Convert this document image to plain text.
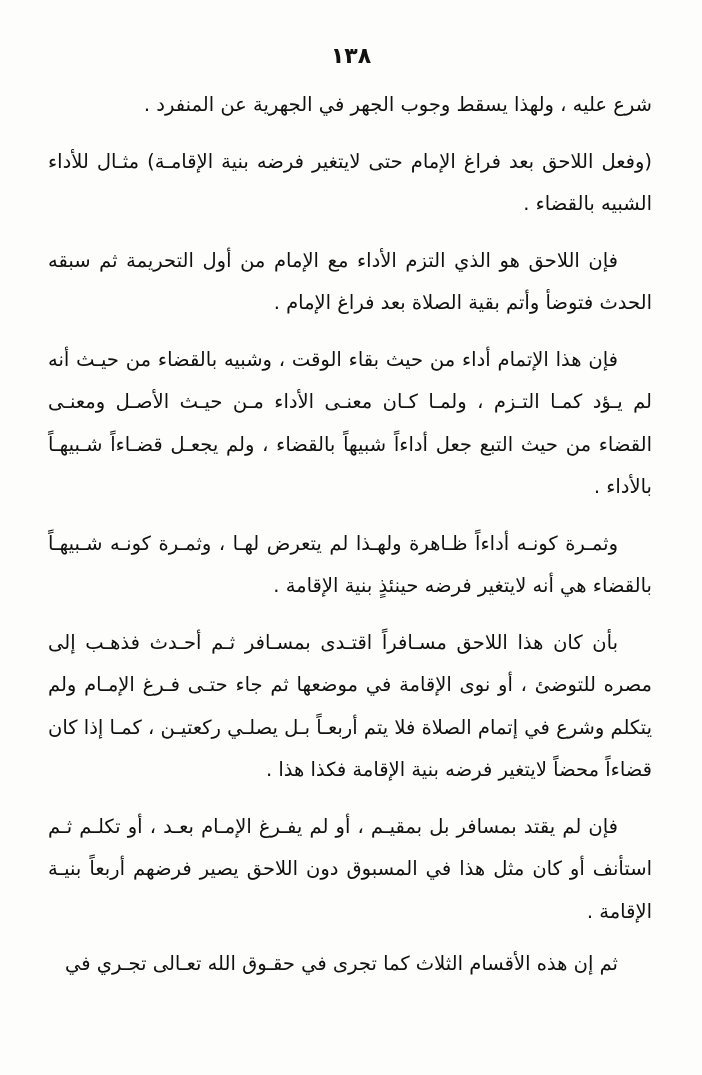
١٣٨

شرع عليه ، ولهذا يسقط وجوب الجهر في الجهرية عن المنفرد .

(وفعل اللاحق بعد فراغ الإمام حتى لايتغير فرضه بنية الإقامـة) مثـال للأداء الشبيه بالقضاء .

فإن اللاحق هو الذي التزم الأداء مع الإمام من أول التحريمة ثم سبقه الحدث فتوضأ وأتم بقية الصلاة بعد فراغ الإمام .

فإن هذا الإتمام أداء من حيث بقاء الوقت ، وشبيه بالقضاء من حيـث أنه لم يـؤد كمـا التـزم ، ولمـا كـان معنـى الأداء مـن حيـث الأصـل ومعنـى القضاء من حيث التبع جعل أداءاً شبيهاً بالقضاء ، ولم يجعـل قضـاءاً شـبيهـاً بالأداء .

وثمـرة كونـه أداءاً ظـاهرة ولهـذا لم يتعرض لهـا ، وثمـرة كونـه شـبيهـاً بالقضاء هي أنه لايتغير فرضه حينئذٍ بنية الإقامة .

بأن كان هذا اللاحق مسـافراً اقتـدى بمسـافر ثـم أحـدث فذهـب إلى مصره للتوضئ ، أو نوى الإقامة في موضعها ثم جاء حتـى فـرغ الإمـام ولم يتكلم وشرع في إتمام الصلاة فلا يتم أربعـاً بـل يصلـي ركعتيـن ، كمـا إذا كان قضاءاً محضاً لايتغير فرضه بنية الإقامة فكذا هذا .

فإن لم يقتد بمسافر بل بمقيـم ، أو لم يفـرغ الإمـام بعـد ، أو تكلـم ثـم استأنف أو كان مثل هذا في المسبوق دون اللاحق يصير فرضهم أربعاً بنيـة الإقامة .

ثم إن هذه الأقسام الثلاث كما تجرى في حقـوق الله تعـالى تجـري في
